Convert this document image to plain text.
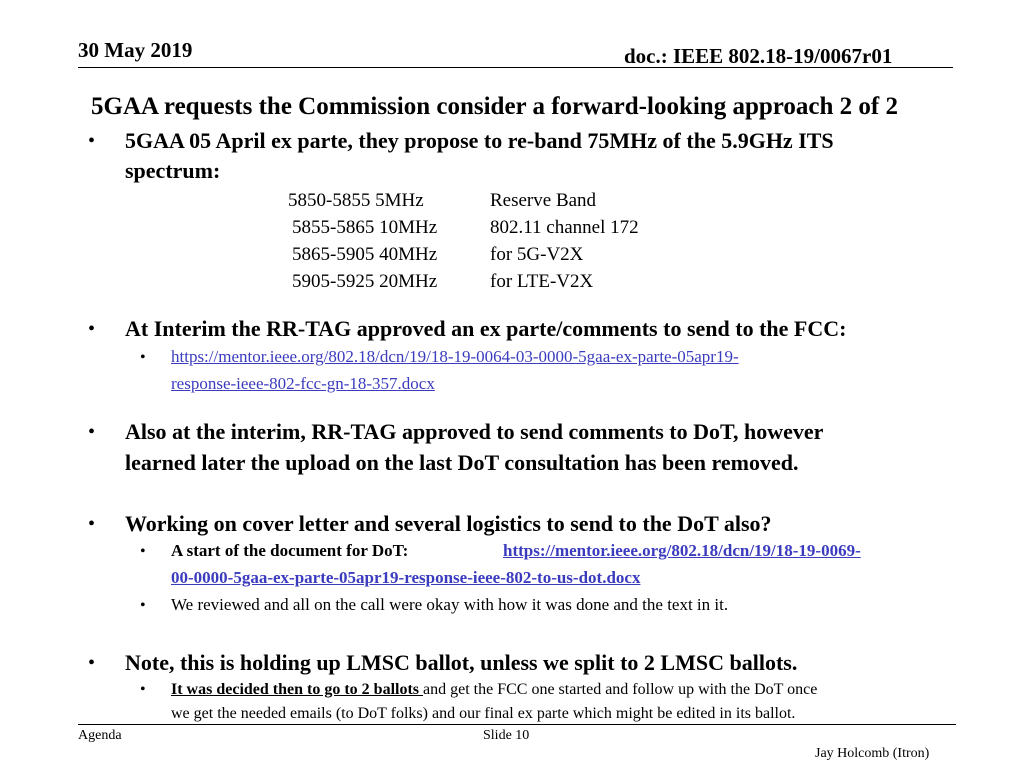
30 May 2019	doc.: IEEE 802.18-19/0067r01
5GAA requests the Commission consider a forward-looking approach 2 of 2
• 5GAA 05 April ex parte, they propose to re-band 75MHz of the 5.9GHz ITS
spectrum:
5850-5855 5MHz	Reserve Band
5855-5865 10MHz	802.11 channel 172
5865-5905 40MHz	for 5G-V2X
5905-5925 20MHz	for LTE-V2X
• At Interim the RR-TAG approved an ex parte/comments to send to the FCC:
• https://mentor.ieee.org/802.18/dcn/19/18-19-0064-03-0000-5gaa-ex-parte-05apr19-
response-ieee-802-fcc-gn-18-357.docx
• Also at the interim, RR-TAG approved to send comments to DoT, however
learned later the upload on the last DoT consultation has been removed.
• Working on cover letter and several logistics to send to the DoT also?
• A start of the document for DoT:	https://mentor.ieee.org/802.18/dcn/19/18-19-0069-
00-0000-5gaa-ex-parte-05apr19-response-ieee-802-to-us-dot.docx
• We reviewed and all on the call were okay with how it was done and the text in it.
• Note, this is holding up LMSC ballot, unless we split to 2 LMSC ballots.
• It was decided then to go to 2 ballots and get the FCC one started and follow up with the DoT once
we get the needed emails (to DoT folks) and our final ex parte which might be edited in its ballot.
Agenda	Slide 10
Jay Holcomb (Itron)
